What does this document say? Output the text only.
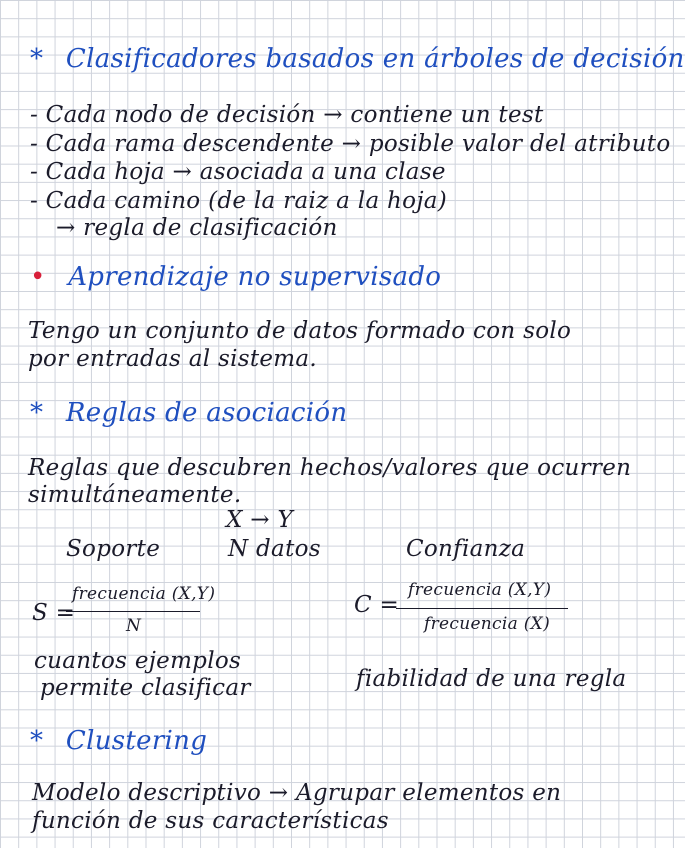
* Clasificadores basados en árboles de decisión
- Cada nodo de decisión → contiene un test
- Cada rama descendente → posible valor del atributo
- Cada hoja → asociada a una clase
- Cada camino (de la raiz a la hoja)
→ regla de clasificación
• Aprendizaje no supervisado
Tengo un conjunto de datos formado con solo
por entradas al sistema.
* Reglas de asociación
Reglas que descubren hechos/valores que ocurren
simultáneamente.
X → Y
Soporte	N datos	Confianza
S =
frecuencia (X,Y)
N
C =
frecuencia (X,Y)
frecuencia (X)
cuantos ejemplos
permite clasificar	fiabilidad de una regla
* Clustering
Modelo descriptivo → Agrupar elementos en
función de sus características
